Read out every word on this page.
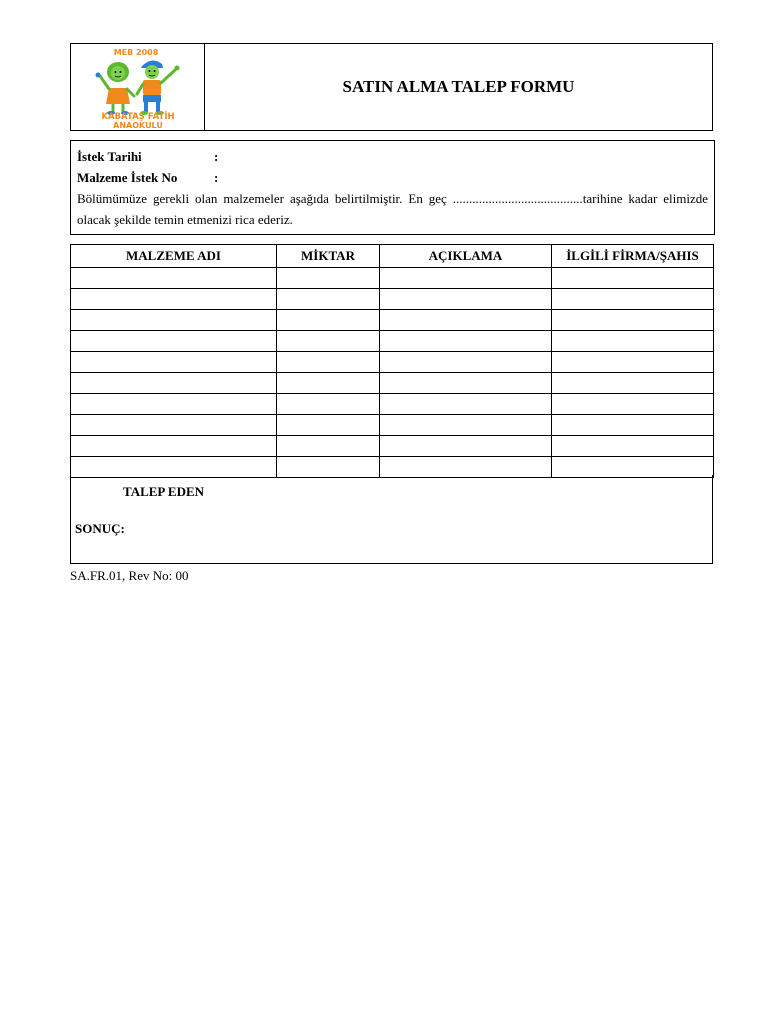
MEB 2008
KABATAŞ FATİH
ANAOKULU
SATIN ALMA TALEP FORMU
İstek Tarihi	:
Malzeme İstek No	:
Bölümümüze gerekli olan malzemeler aşağıda belirtilmiştir. En geç ........................................tarihine kadar elimizde olacak şekilde temin etmenizi rica ederiz.
MALZEME ADI	MİKTAR	AÇIKLAMA	İLGİLİ FİRMA/ŞAHIS

TALEP EDEN
SONUÇ:
SA.FR.01, Rev No: 00
